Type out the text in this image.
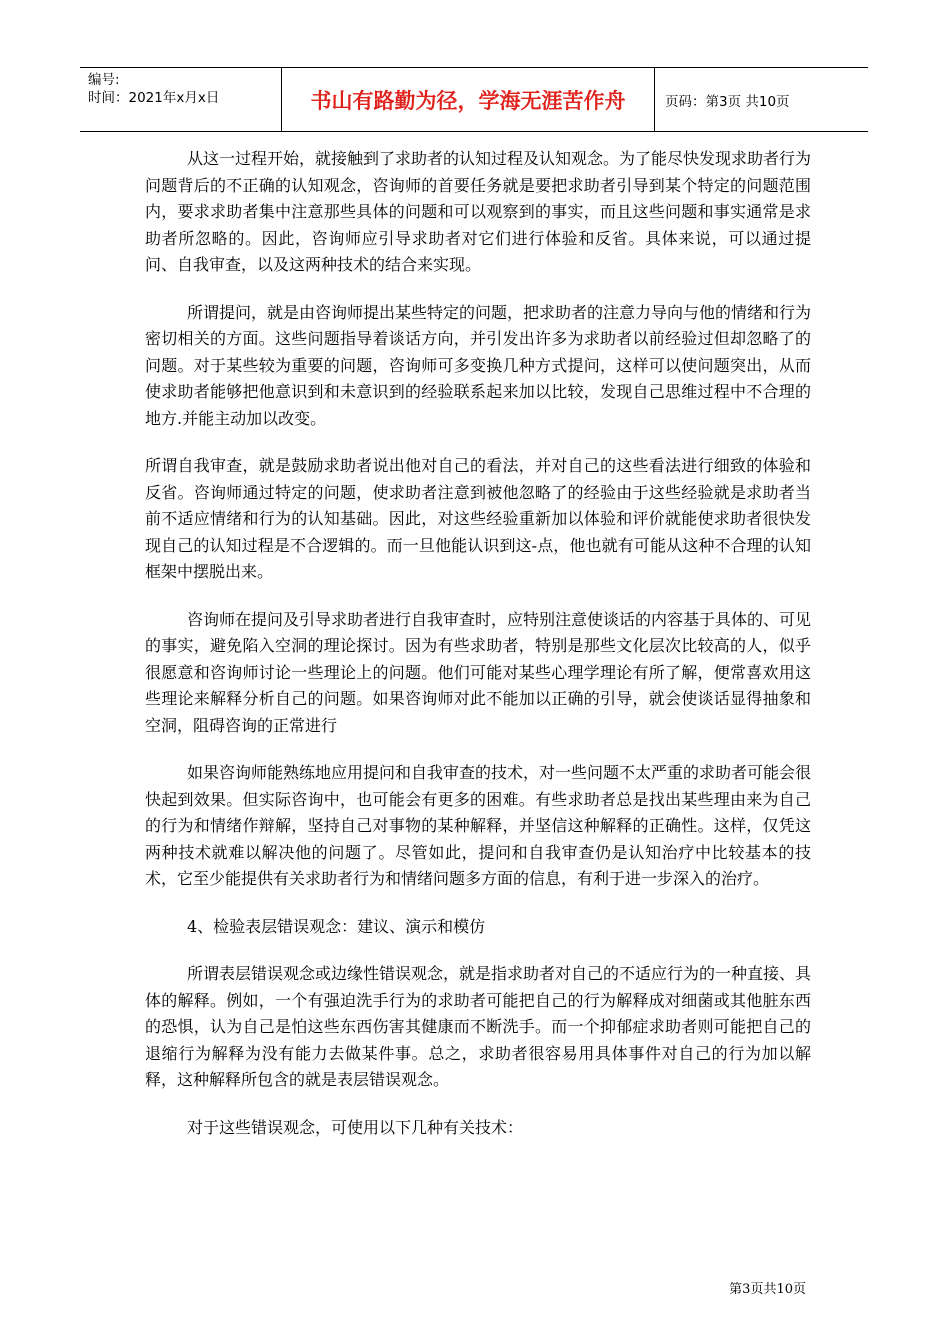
编号:
时间：2021年x月x日	书山有路勤为径，学海无涯苦作舟	页码：第3页 共10页

从这一过程开始，就接触到了求助者的认知过程及认知观念。为了能尽快发现求助者行为问题背后的不正确的认知观念，咨询师的首要任务就是要把求助者引导到某个特定的问题范围内，要求求助者集中注意那些具体的问题和可以观察到的事实，而且这些问题和事实通常是求助者所忽略的。因此，咨询师应引导求助者对它们进行体验和反省。具体来说，可以通过提问、自我审查，以及这两种技术的结合来实现。

所谓提问，就是由咨询师提出某些特定的问题，把求助者的注意力导向与他的情绪和行为密切相关的方面。这些问题指导着谈话方向，并引发出许多为求助者以前经验过但却忽略了的问题。对于某些较为重要的问题，咨询师可多变换几种方式提问，这样可以使问题突出，从而使求助者能够把他意识到和未意识到的经验联系起来加以比较，发现自己思维过程中不合理的地方.并能主动加以改变。

所谓自我审查，就是鼓励求助者说出他对自己的看法，并对自己的这些看法进行细致的体验和反省。咨询师通过特定的问题，使求助者注意到被他忽略了的经验由于这些经验就是求助者当前不适应情绪和行为的认知基础。因此，对这些经验重新加以体验和评价就能使求助者很快发现自己的认知过程是不合逻辑的。而一旦他能认识到这-点，他也就有可能从这种不合理的认知框架中摆脱出来。

咨询师在提问及引导求助者进行自我审查时，应特别注意使谈话的内容基于具体的、可见的事实，避免陷入空洞的理论探讨。因为有些求助者，特别是那些文化层次比较高的人，似乎很愿意和咨询师讨论一些理论上的问题。他们可能对某些心理学理论有所了解，便常喜欢用这些理论来解释分析自己的问题。如果咨询师对此不能加以正确的引导，就会使谈话显得抽象和空洞，阻碍咨询的正常进行

如果咨询师能熟练地应用提问和自我审查的技术，对一些问题不太严重的求助者可能会很快起到效果。但实际咨询中，也可能会有更多的困难。有些求助者总是找出某些理由来为自己的行为和情绪作辩解，坚持自己对事物的某种解释，并坚信这种解释的正确性。这样，仅凭这两种技术就难以解决他的问题了。尽管如此，提问和自我审查仍是认知治疗中比较基本的技术，它至少能提供有关求助者行为和情绪问题多方面的信息，有利于进一步深入的治疗。

4、检验表层错误观念：建议、演示和模仿

所谓表层错误观念或边缘性错误观念，就是指求助者对自己的不适应行为的一种直接、具体的解释。例如，一个有强迫洗手行为的求助者可能把自己的行为解释成对细菌或其他脏东西的恐惧，认为自己是怕这些东西伤害其健康而不断洗手。而一个抑郁症求助者则可能把自己的退缩行为解释为没有能力去做某件事。总之，求助者很容易用具体事件对自己的行为加以解释，这种解释所包含的就是表层错误观念。

对于这些错误观念，可使用以下几种有关技术：

第3页共10页
